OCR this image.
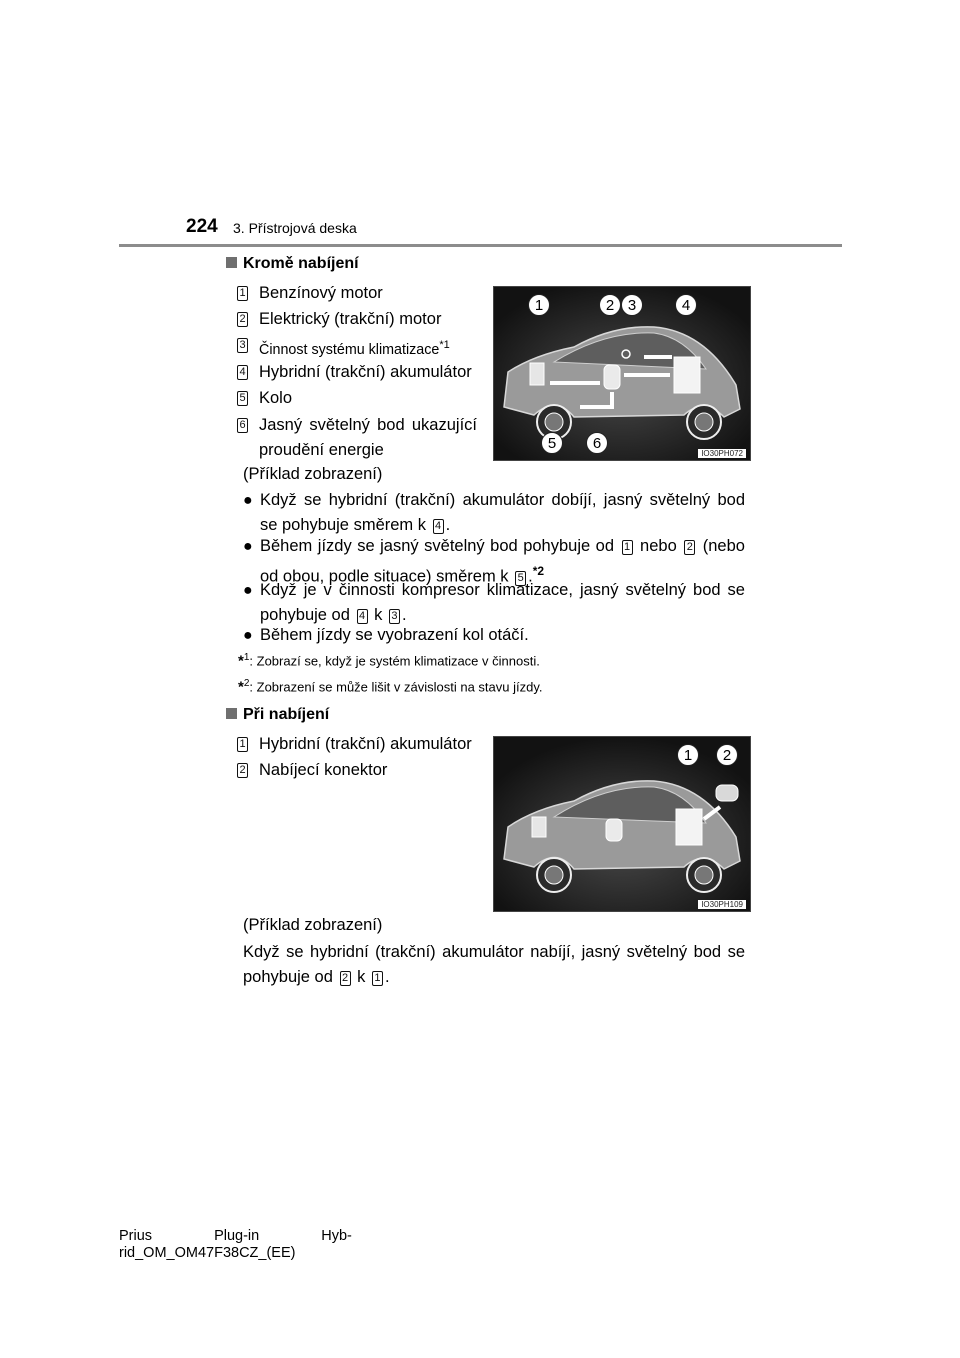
224 3. Přístrojová deska
Kromě nabíjení
1 Benzínový motor
2 Elektrický (trakční) motor
3 Činnost systému klimatizace$^{*1}$
4 Hybridní (trakční) akumulátor
5 Kolo
6 Jasný světelný bod ukazující proudění energie
1	2 3	4
5	6
IO30PH072
(Příklad zobrazení)
● Když se hybridní (trakční) akumulátor dobíjí, jasný světelný bod se pohybuje směrem k 4 .
● Během jízdy se jasný světelný bod pohybuje od 1 nebo 2 (nebo od obou, podle situace) směrem k 5 .$^{*2}$
● Když je v činnosti kompresor klimatizace, jasný světelný bod se pohybuje od 4 k 3 .
● Během jízdy se vyobrazení kol otáčí.
*$^1$: Zobrazí se, když je systém klimatizace v činnosti.
*$^2$: Zobrazení se může lišit v závislosti na stavu jízdy.
Při nabíjení
1 Hybridní (trakční) akumulátor
2 Nabíjecí konektor
1	2
IO30PH109
(Příklad zobrazení)
Když se hybridní (trakční) akumulátor nabíjí, jasný světelný bod se pohybuje od 2 k 1 .
Prius Plug-in Hyb-
rid_OM_OM47F38CZ_(EE)
